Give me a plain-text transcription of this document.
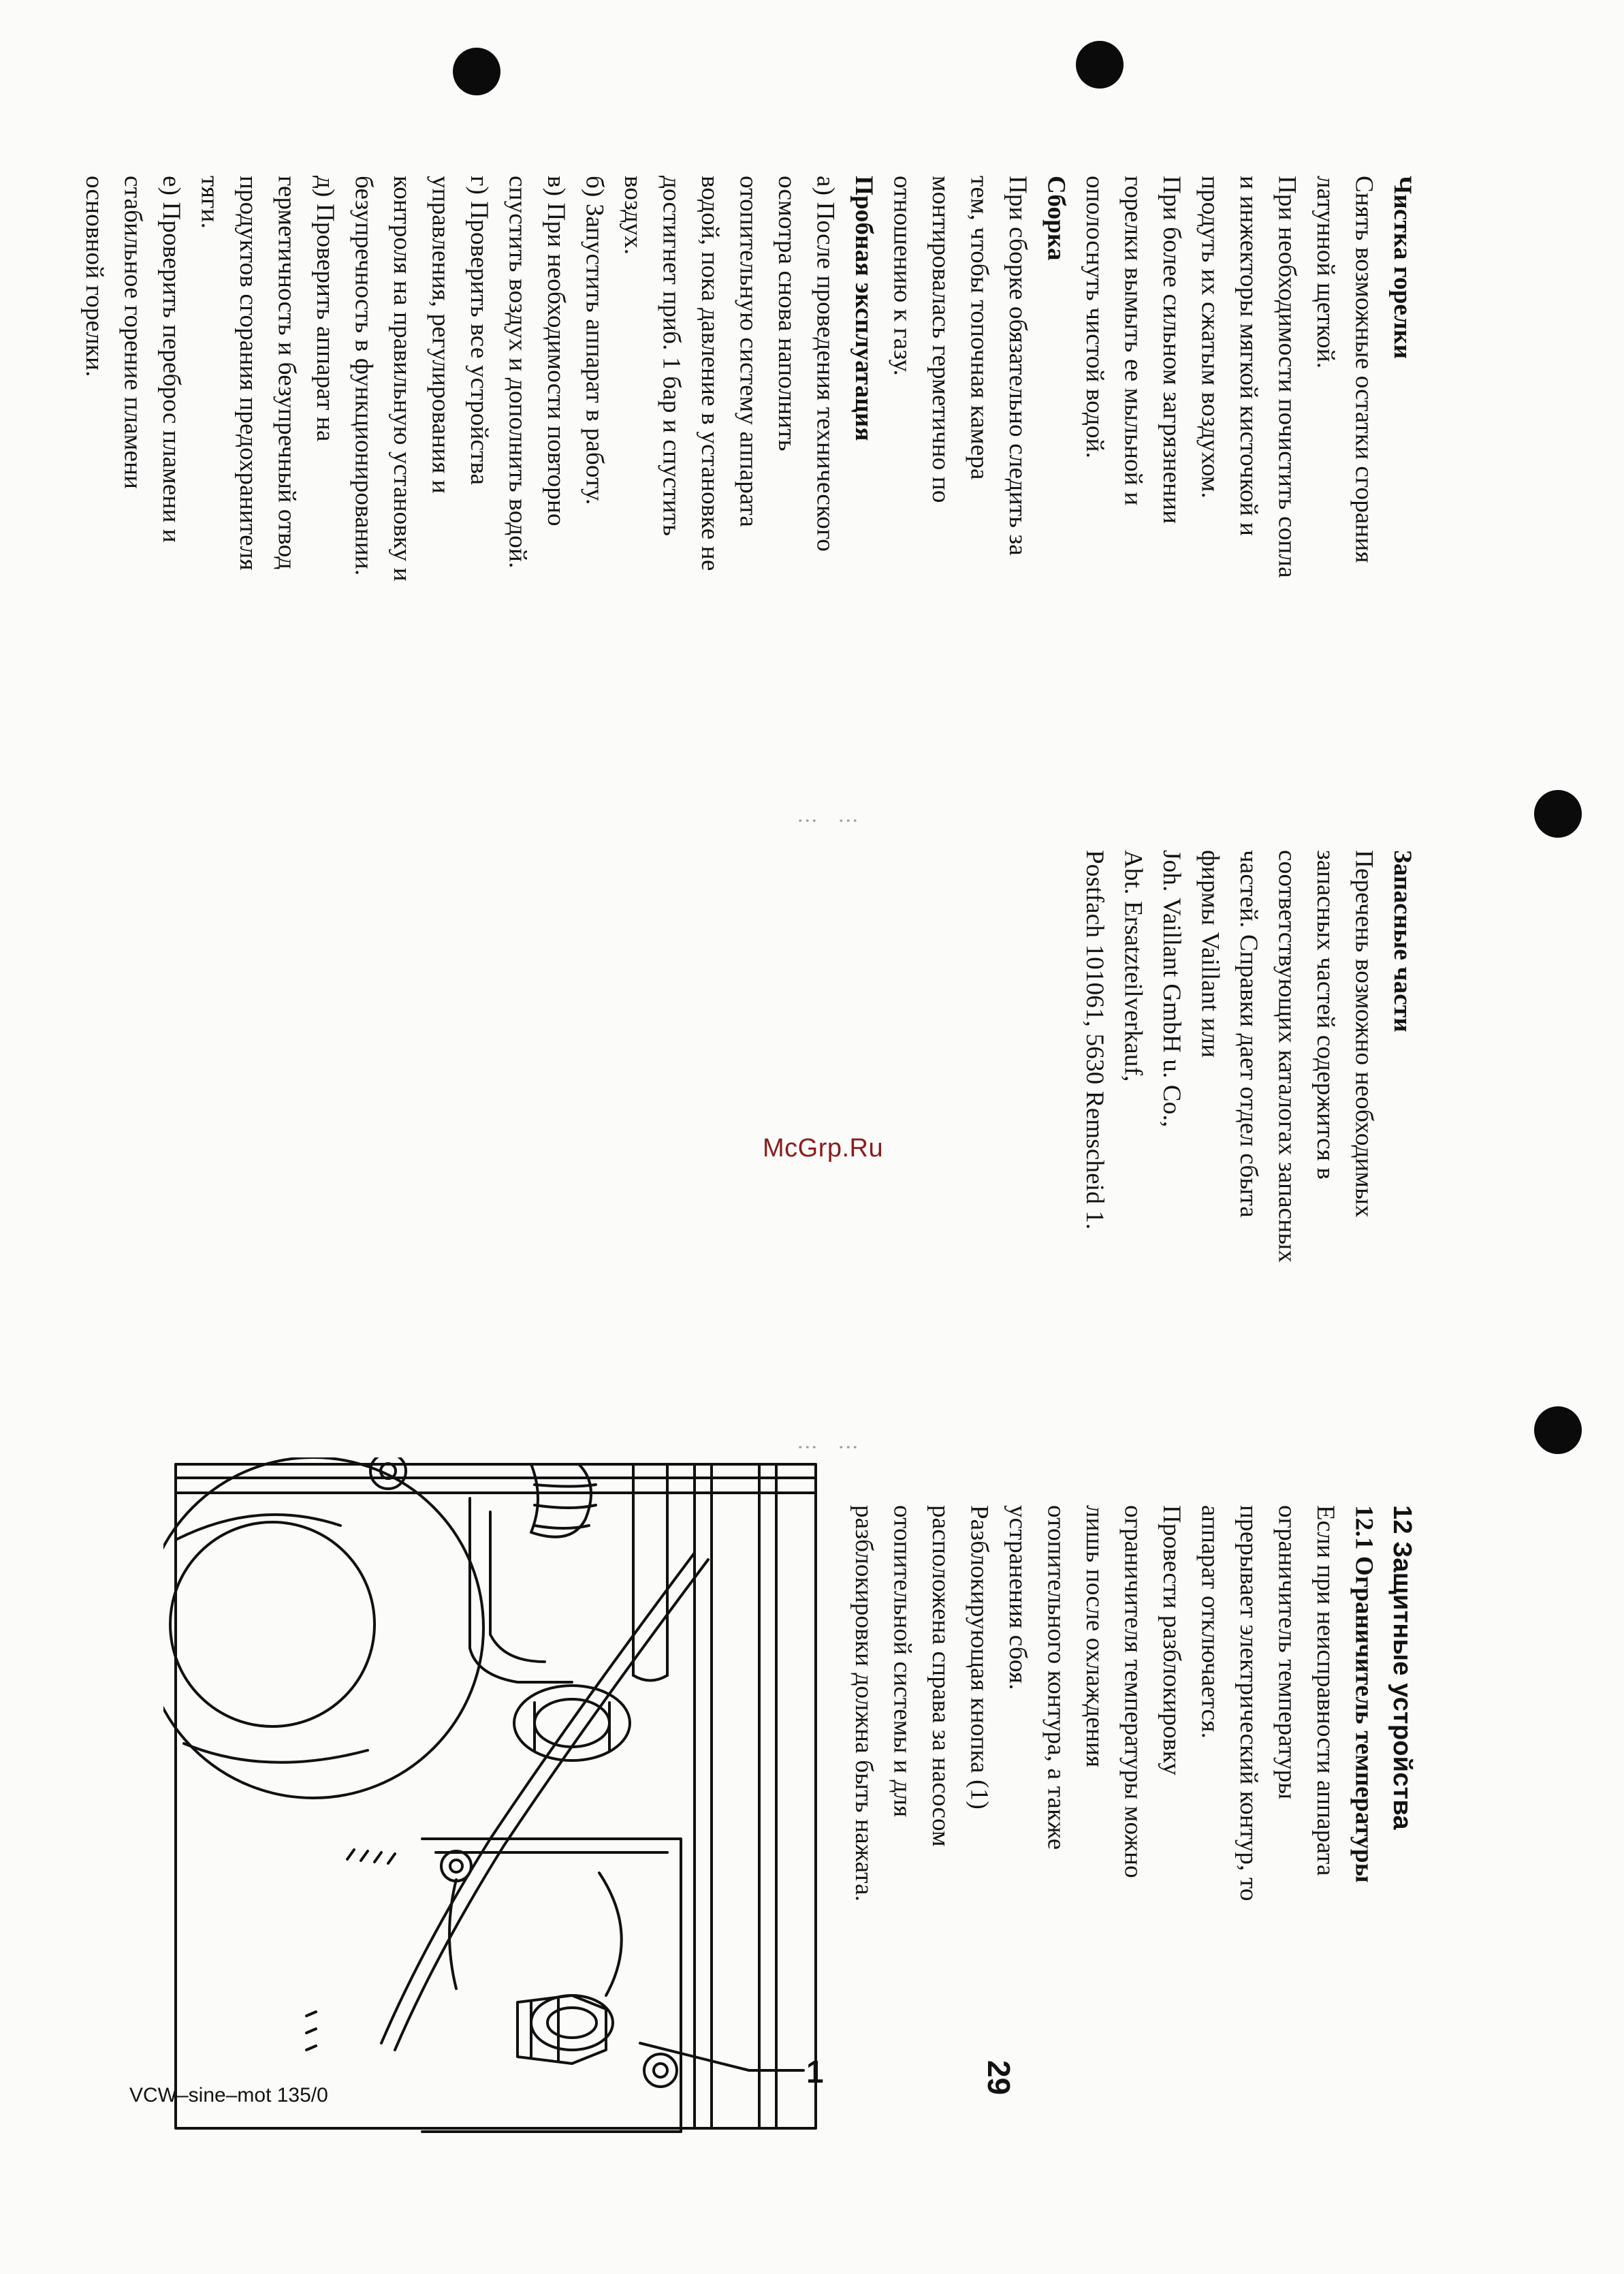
Чистка горелки
Снять возможные остатки сгорания
латунной щеткой.
При необходимости почистить сопла
и инжекторы мягкой кисточкой и
продуть их сжатым воздухом.
При более сильном загрязнении
горелки вымыть ее мыльной и
ополоснуть чистой водой.
Сборка
При сборке обязательно следить за
тем, чтобы топочная камера
монтировалась герметично по
отношению к газу.
Пробная эксплуатация
а) После проведения технического
осмотра снова наполнить
отопительную систему аппарата
водой, пока давление в установке не
достигнет приб. 1 бар и спустить
воздух.
б) Запустить аппарат в работу.
в) При необходимости повторно
спустить воздух и дополнить водой.
г) Проверить все устройства
управления, регулирования и
контроля на правильную установку и
безупречность в функционировании.
д) Проверить аппарат на
герметичность и безупречный отвод
продуктов сгорания предохранителя
тяги.
е) Проверить переброс пламени и
стабильное горение пламени
основной горелки.
Запасные части
Перечень возможно необходимых
запасных частей содержится в
соответствующих каталогах запасных
частей. Справки дает отдел сбыта
фирмы Vaillant или
Joh. Vaillant GmbH u. Co.,
Abt. Ersatzteilverkauf,
Postfach 101061, 5630 Remscheid 1.
12 Защитные устройства
12.1 Ограничитель температуры
Если при неисправности аппарата
ограничитель температуры
прерывает электрический контур, то
аппарат отключается.
Провести разблокировку
ограничителя температуры можно
лишь после охлаждения
отопительного контура, а также
устранения сбоя.
Разблокирующая кнопка (1)
расположена справа за насосом
отопительной системы и для
разблокировки должна быть нажата.
McGrp.Ru
⋮ ⋮
⋮ ⋮
1
VCW–sine–mot 135/0
29
